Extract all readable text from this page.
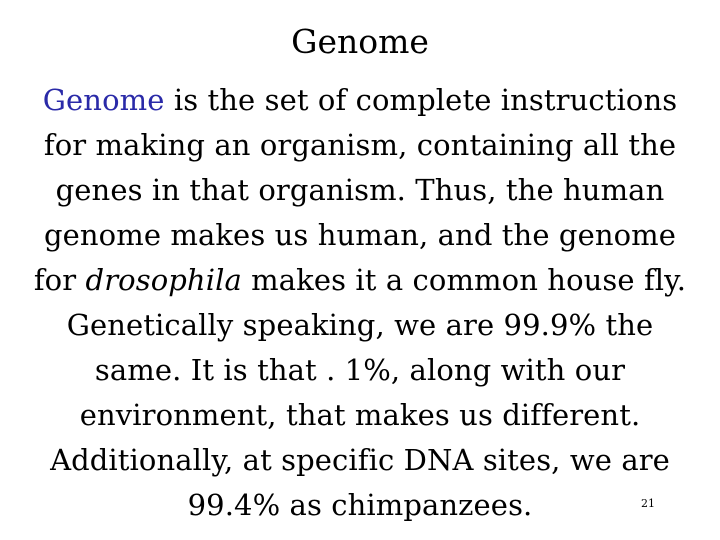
Genome
Genome is the set of complete instructions
for making an organism, containing all the
genes in that organism. Thus, the human
genome makes us human, and the genome
for drosophila makes it a common house fly.
Genetically speaking, we are 99.9% the
same. It is that . 1%, along with our
environment, that makes us different.
Additionally, at specific DNA sites, we are
99.4% as chimpanzees.	21
